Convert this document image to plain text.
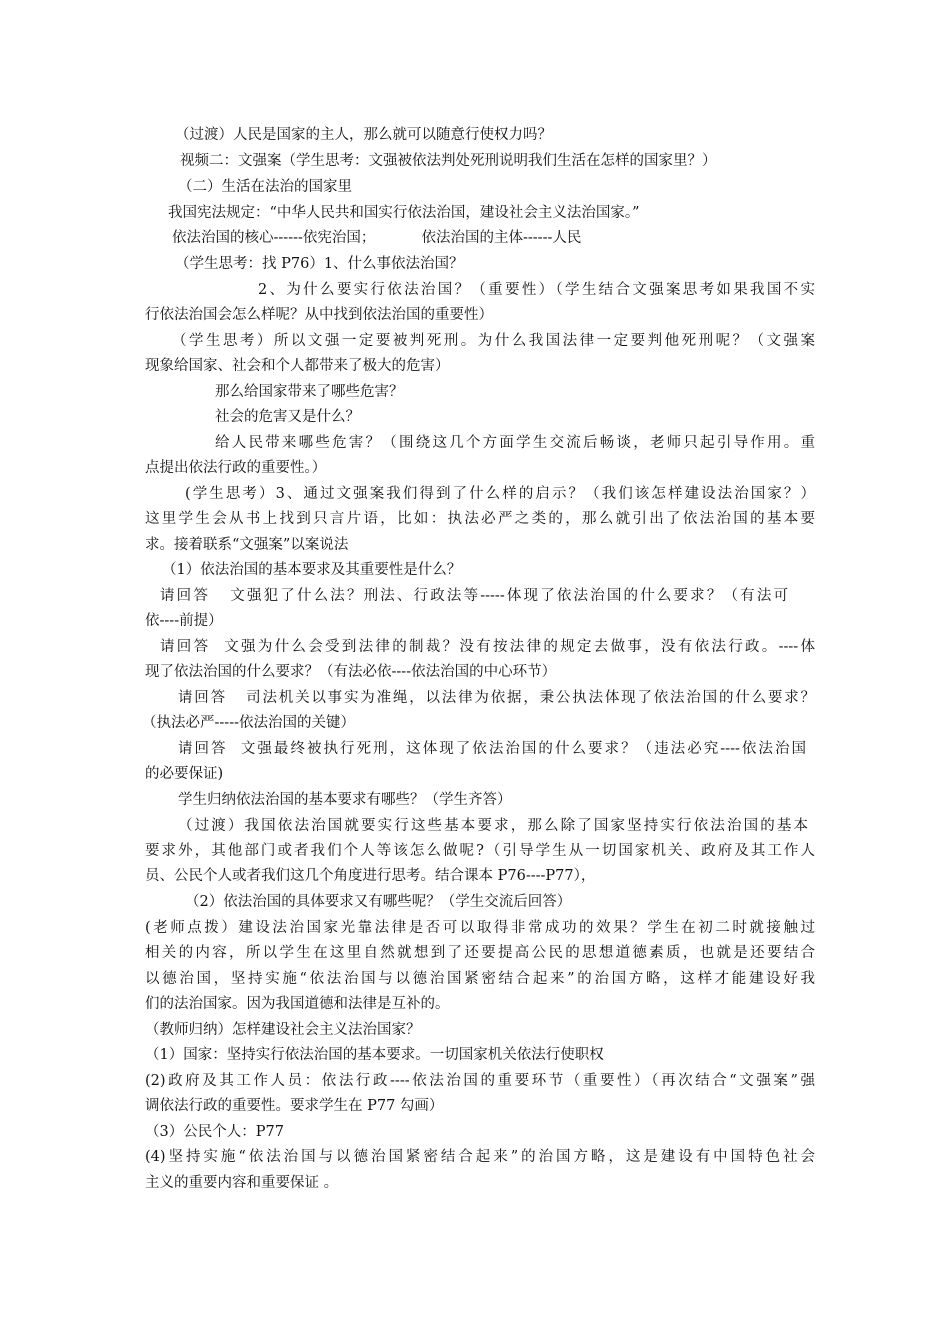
（过渡）人民是国家的主人，那么就可以随意行使权力吗？
视频二：文强案（学生思考：文强被依法判处死刑说明我们生活在怎样的国家里？）
（二）生活在法治的国家里
我国宪法规定：“中华人民共和国实行依法治国，建设社会主义法治国家。”
依法治国的核心------依宪治国；          依法治国的主体------人民
（学生思考：找 P76）1、什么事依法治国？
2、为什么要实行依法治国？（重要性）（学生结合文强案思考如果我国不实
行依法治国会怎么样呢？从中找到依法治国的重要性）
（学生思考）所以文强一定要被判死刑。为什么我国法律一定要判他死刑呢？（文强案
现象给国家、社会和个人都带来了极大的危害）
那么给国家带来了哪些危害？
社会的危害又是什么？
给人民带来哪些危害？（围绕这几个方面学生交流后畅谈，老师只起引导作用。重
点提出依法行政的重要性。）
(学生思考）3、通过文强案我们得到了什么样的启示？（我们该怎样建设法治国家？）
这里学生会从书上找到只言片语，比如：执法必严之类的，那么就引出了依法治国的基本要
求。接着联系“文强案”以案说法
（1）依法治国的基本要求及其重要性是什么？
请回答   文强犯了什么法？刑法、行政法等-----体现了依法治国的什么要求？（有法可
依----前提）
请回答  文强为什么会受到法律的制裁？没有按法律的规定去做事，没有依法行政。----体
现了依法治国的什么要求？（有法必依----依法治国的中心环节）
请回答   司法机关以事实为准绳，以法律为依据，秉公执法体现了依法治国的什么要求？
（执法必严-----依法治国的关键）
请回答  文强最终被执行死刑，这体现了依法治国的什么要求？（违法必究----依法治国
的必要保证)
学生归纳依法治国的基本要求有哪些？（学生齐答）
（过渡）我国依法治国就要实行这些基本要求，那么除了国家坚持实行依法治国的基本
要求外，其他部门或者我们个人等该怎么做呢?（引导学生从一切国家机关、政府及其工作人
员、公民个人或者我们这几个角度进行思考。结合课本 P76----P77），
（2）依法治国的具体要求又有哪些呢？（学生交流后回答）
(老师点拨）建设法治国家光靠法律是否可以取得非常成功的效果？学生在初二时就接触过
相关的内容，所以学生在这里自然就想到了还要提高公民的思想道德素质，也就是还要结合
以德治国，坚持实施“依法治国与以德治国紧密结合起来”的治国方略，这样才能建设好我
们的法治国家。因为我国道德和法律是互补的。
（教师归纳）怎样建设社会主义法治国家？
（1）国家：坚持实行依法治国的基本要求。一切国家机关依法行使职权
(2)政府及其工作人员：依法行政----依法治国的重要环节（重要性）（再次结合“文强案”强
调依法行政的重要性。要求学生在 P77 勾画）
（3）公民个人：P77
(4)坚持实施“依法治国与以德治国紧密结合起来”的治国方略，这是建设有中国特色社会
主义的重要内容和重要保证 。
